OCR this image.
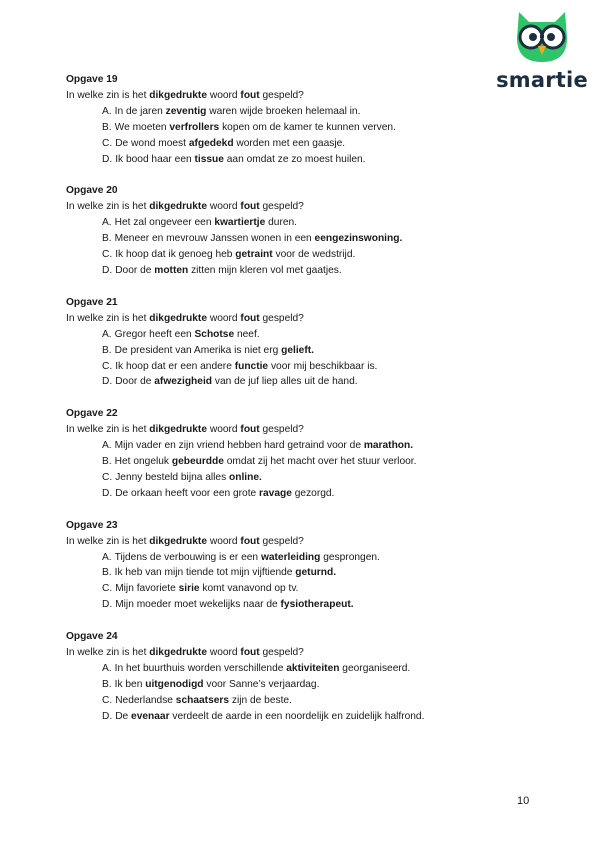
smartie
Opgave 19
In welke zin is het dikgedrukte woord fout gespeld?
A. In de jaren zeventig waren wijde broeken helemaal in.
B. We moeten verfrollers kopen om de kamer te kunnen verven.
C. De wond moest afgedekd worden met een gaasje.
D. Ik bood haar een tissue aan omdat ze zo moest huilen.
Opgave 20
In welke zin is het dikgedrukte woord fout gespeld?
A. Het zal ongeveer een kwartiertje duren.
B. Meneer en mevrouw Janssen wonen in een eengezinswoning.
C. Ik hoop dat ik genoeg heb getraint voor de wedstrijd.
D. Door de motten zitten mijn kleren vol met gaatjes.
Opgave 21
In welke zin is het dikgedrukte woord fout gespeld?
A. Gregor heeft een Schotse neef.
B. De president van Amerika is niet erg gelieft.
C. Ik hoop dat er een andere functie voor mij beschikbaar is.
D. Door de afwezigheid van de juf liep alles uit de hand.
Opgave 22
In welke zin is het dikgedrukte woord fout gespeld?
A. Mijn vader en zijn vriend hebben hard getraind voor de marathon.
B. Het ongeluk gebeurdde omdat zij het macht over het stuur verloor.
C. Jenny besteld bijna alles online.
D. De orkaan heeft voor een grote ravage gezorgd.
Opgave 23
In welke zin is het dikgedrukte woord fout gespeld?
A. Tijdens de verbouwing is er een waterleiding gesprongen.
B. Ik heb van mijn tiende tot mijn vijftiende geturnd.
C. Mijn favoriete sirie komt vanavond op tv.
D. Mijn moeder moet wekelijks naar de fysiotherapeut.
Opgave 24
In welke zin is het dikgedrukte woord fout gespeld?
A. In het buurthuis worden verschillende aktiviteiten georganiseerd.
B. Ik ben uitgenodigd voor Sanne’s verjaardag.
C. Nederlandse schaatsers zijn de beste.
D. De evenaar verdeelt de aarde in een noordelijk en zuidelijk halfrond.
10
